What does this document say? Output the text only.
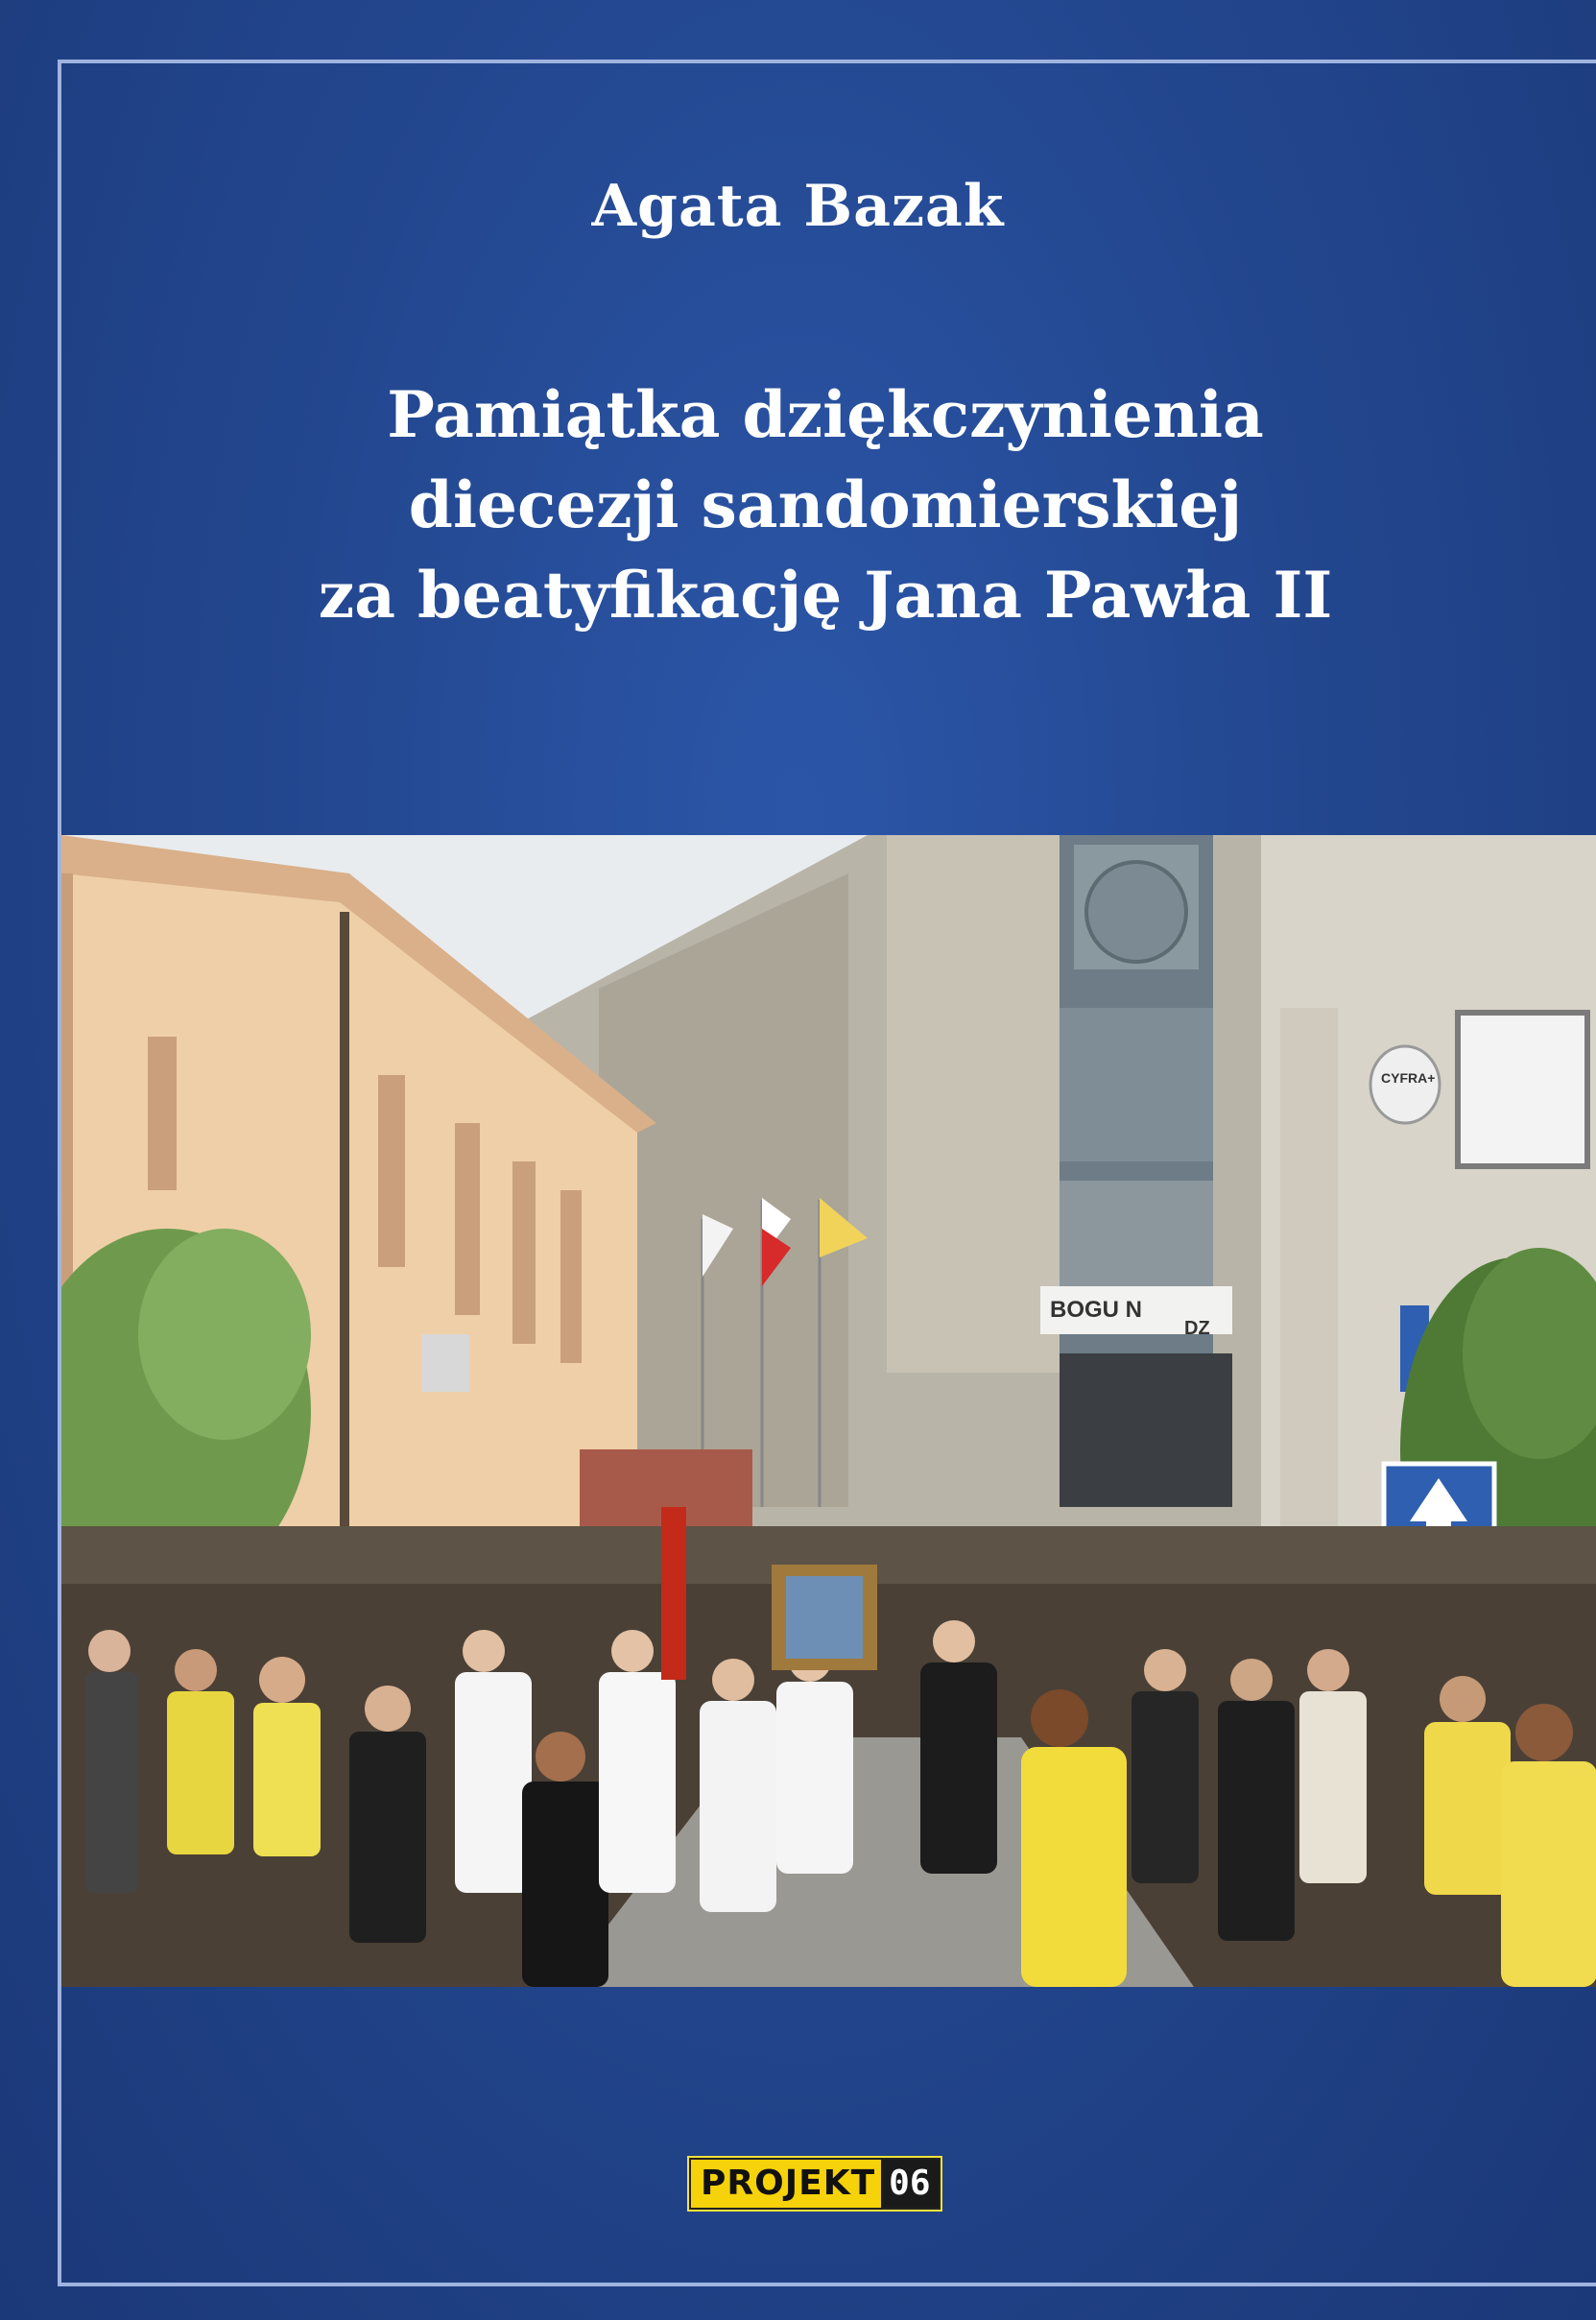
Agata Bazak
Pamiątka dziękczynienia
diecezji sandomierskiej
za beatyfikację Jana Pawła II
BOGU N
DZ
CYFRA+
PROJEKT 06
